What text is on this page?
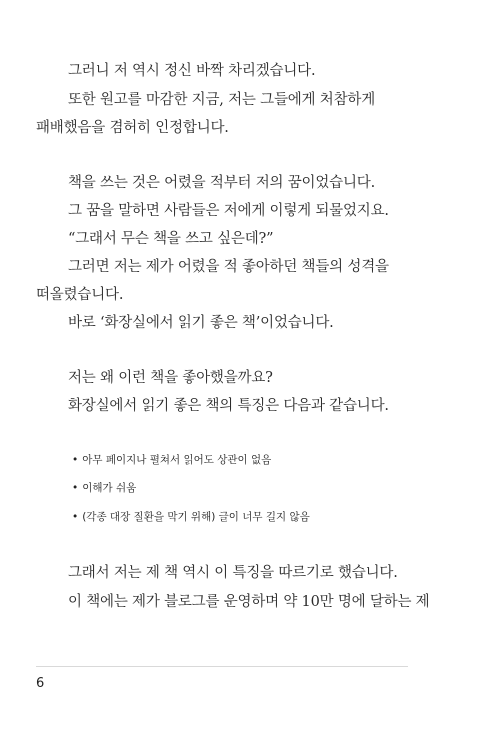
그러니 저 역시 정신 바짝 차리겠습니다.
또한 원고를 마감한 지금, 저는 그들에게 처참하게
패배했음을 겸허히 인정합니다.
책을 쓰는 것은 어렸을 적부터 저의 꿈이었습니다.
그 꿈을 말하면 사람들은 저에게 이렇게 되물었지요.
“그래서 무슨 책을 쓰고 싶은데?”
그러면 저는 제가 어렸을 적 좋아하던 책들의 성격을
떠올렸습니다.
바로 ‘화장실에서 읽기 좋은 책’이었습니다.
저는 왜 이런 책을 좋아했을까요?
화장실에서 읽기 좋은 책의 특징은 다음과 같습니다.
• 아무 페이지나 펼쳐서 읽어도 상관이 없음
• 이해가 쉬움
• (각종 대장 질환을 막기 위해) 글이 너무 길지 않음
그래서 저는 제 책 역시 이 특징을 따르기로 했습니다.
이 책에는 제가 블로그를 운영하며 약 10만 명에 달하는 제
6
